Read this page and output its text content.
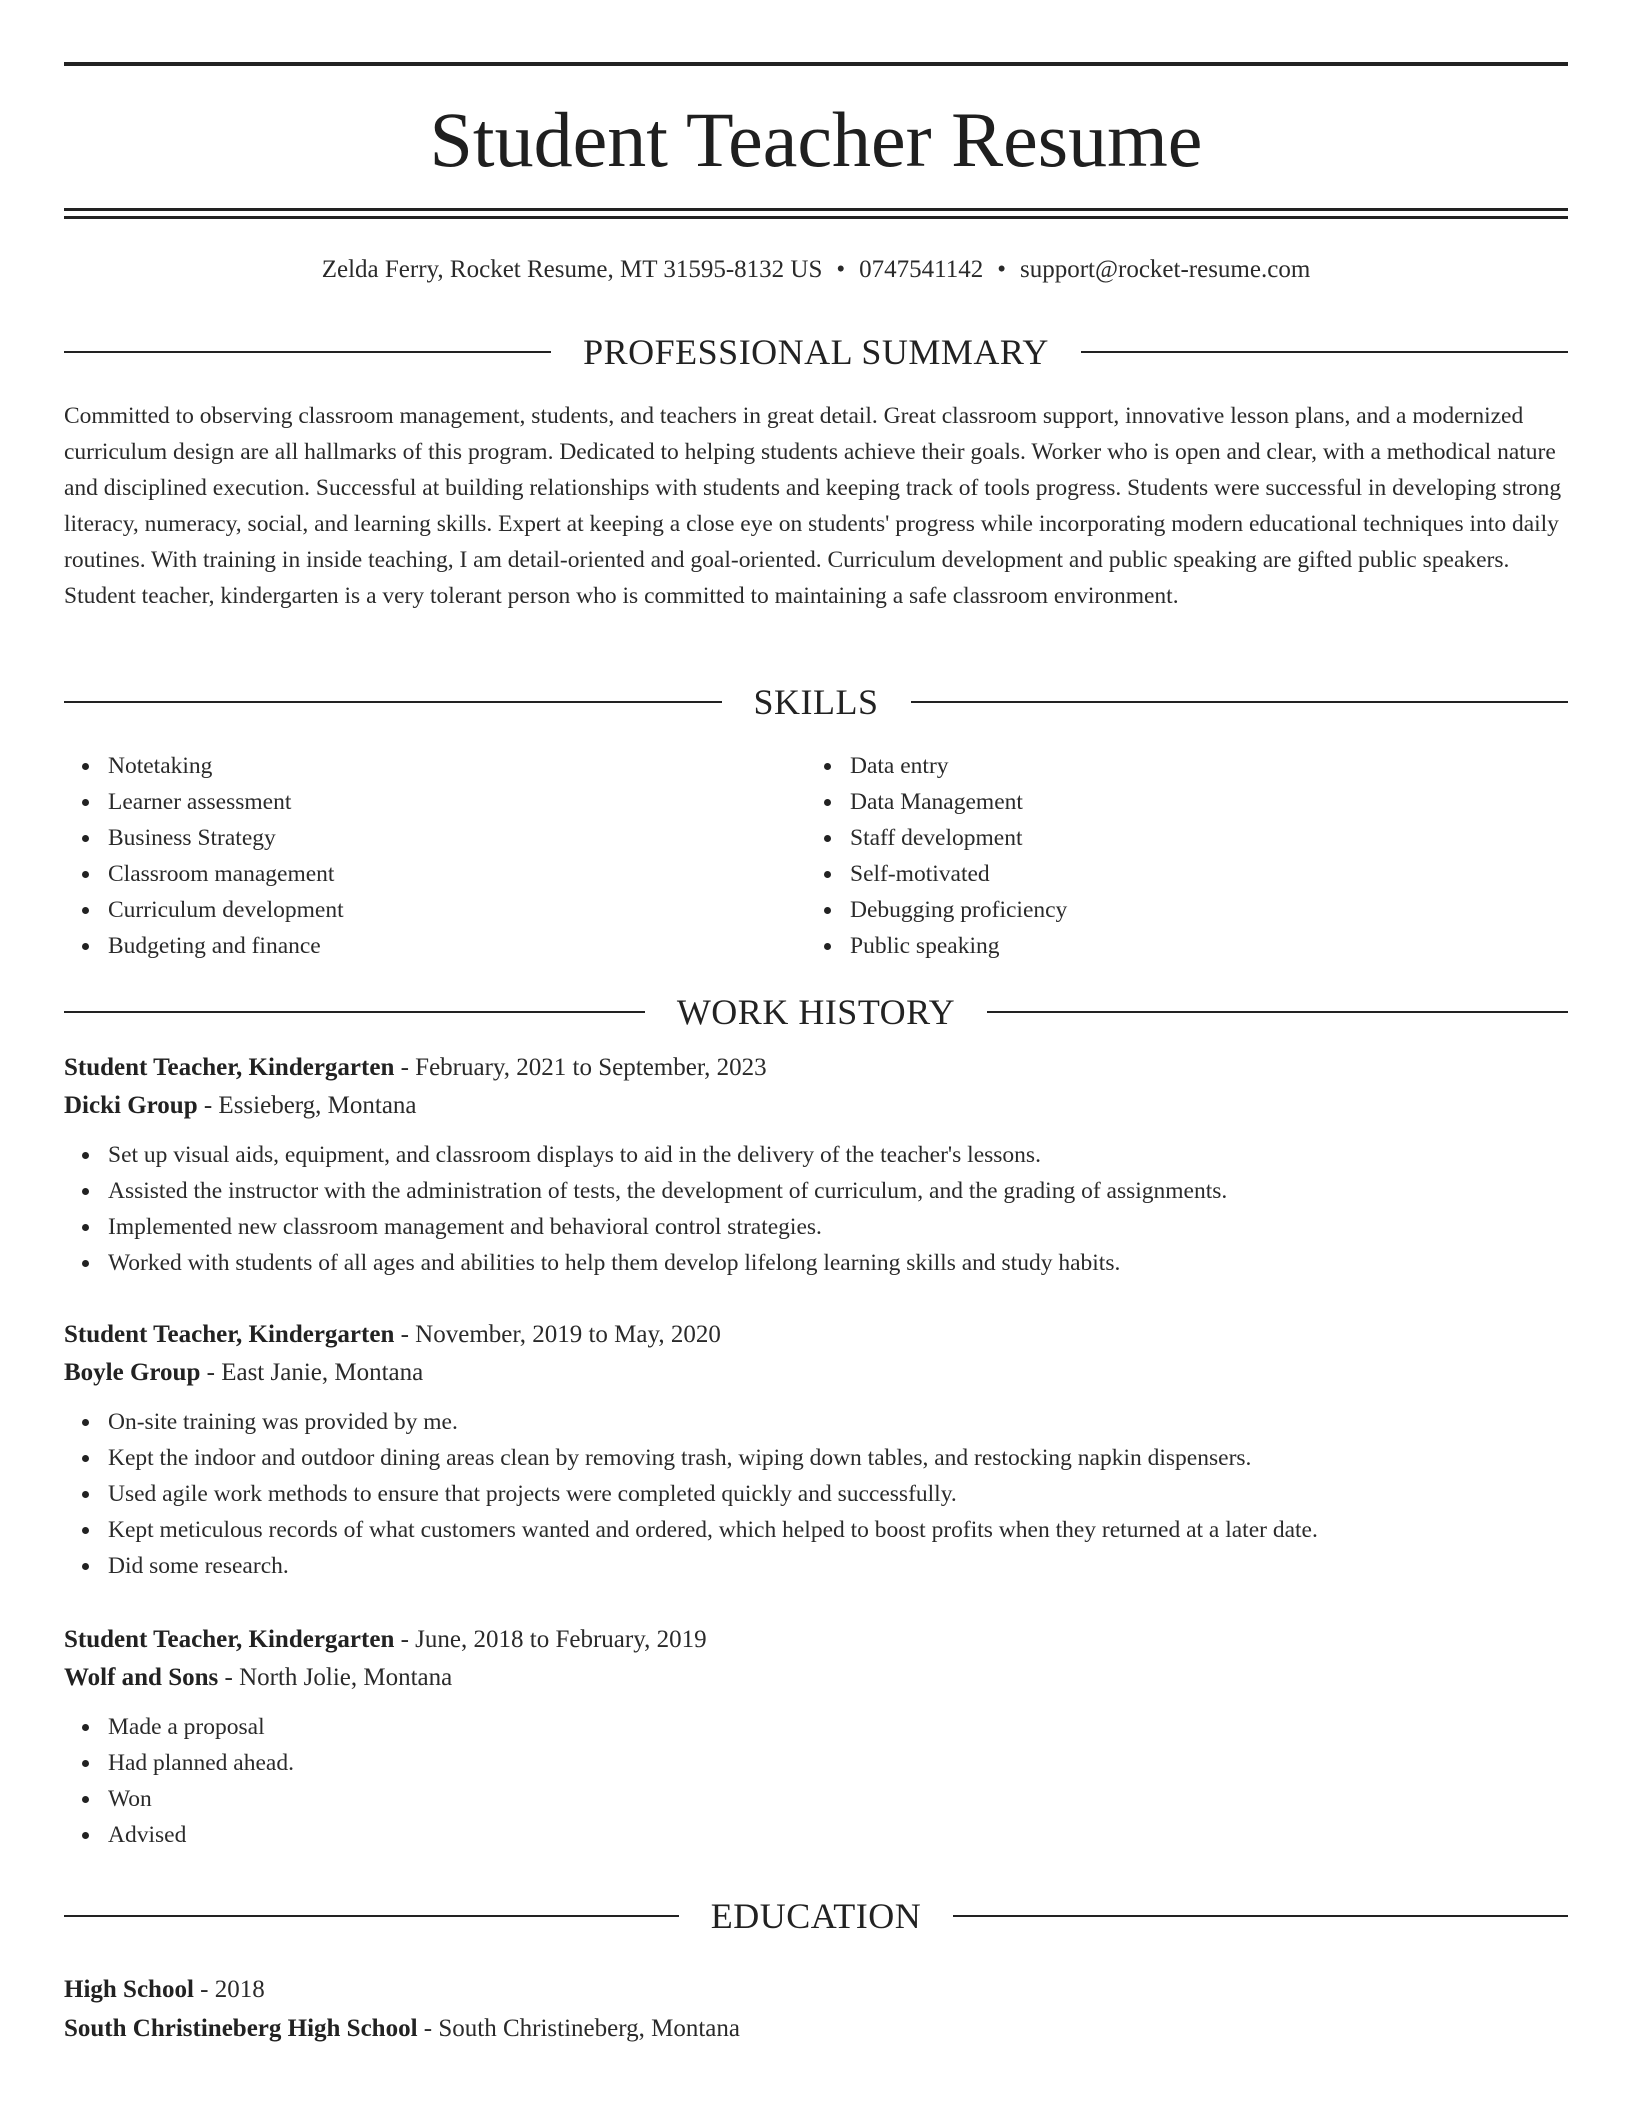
Student Teacher Resume
Zelda Ferry, Rocket Resume, MT 31595-8132 US • 0747541142 • support@rocket-resume.com
PROFESSIONAL SUMMARY

Committed to observing classroom management, students, and teachers in great detail. Great classroom support, innovative lesson plans, and a modernized curriculum design are all hallmarks of this program. Dedicated to helping students achieve their goals. Worker who is open and clear, with a methodical nature and disciplined execution. Successful at building relationships with students and keeping track of tools progress. Students were successful in developing strong literacy, numeracy, social, and learning skills. Expert at keeping a close eye on students' progress while incorporating modern educational techniques into daily routines. With training in inside teaching, I am detail-oriented and goal-oriented. Curriculum development and public speaking are gifted public speakers. Student teacher, kindergarten is a very tolerant person who is committed to maintaining a safe classroom environment.

SKILLS
Notetaking
Learner assessment
Business Strategy
Classroom management
Curriculum development
Budgeting and finance
Data entry
Data Management
Staff development
Self-motivated
Debugging proficiency
Public speaking
WORK HISTORY
Student Teacher, Kindergarten - February, 2021 to September, 2023
Dicki Group - Essieberg, Montana
Set up visual aids, equipment, and classroom displays to aid in the delivery of the teacher's lessons.
Assisted the instructor with the administration of tests, the development of curriculum, and the grading of assignments.
Implemented new classroom management and behavioral control strategies.
Worked with students of all ages and abilities to help them develop lifelong learning skills and study habits.
Student Teacher, Kindergarten - November, 2019 to May, 2020
Boyle Group - East Janie, Montana
On-site training was provided by me.
Kept the indoor and outdoor dining areas clean by removing trash, wiping down tables, and restocking napkin dispensers.
Used agile work methods to ensure that projects were completed quickly and successfully.
Kept meticulous records of what customers wanted and ordered, which helped to boost profits when they returned at a later date.
Did some research.
Student Teacher, Kindergarten - June, 2018 to February, 2019
Wolf and Sons - North Jolie, Montana
Made a proposal
Had planned ahead.
Won
Advised
EDUCATION
High School - 2018
South Christineberg High School - South Christineberg, Montana
